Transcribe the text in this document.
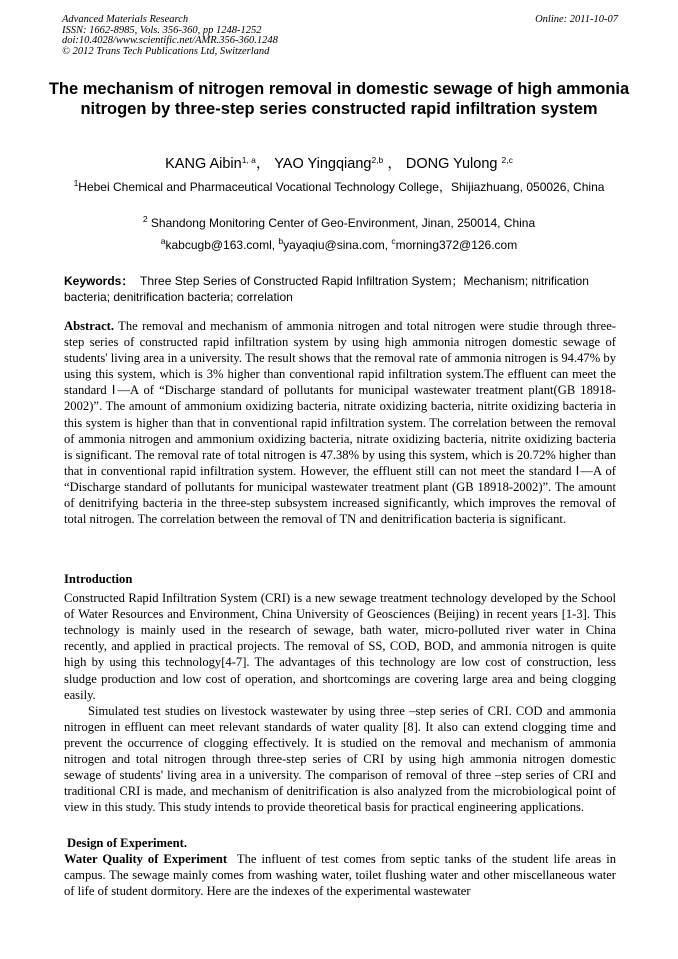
Advanced Materials Research
ISSN: 1662-8985, Vols. 356-360, pp 1248-1252
doi:10.4028/www.scientific.net/AMR.356-360.1248
© 2012 Trans Tech Publications Ltd, Switzerland
Online: 2011-10-07
The mechanism of nitrogen removal in domestic sewage of high ammonia nitrogen by three-step series constructed rapid infiltration system
KANG Aibin$^{1, a}$， YAO Yingqiang$^{2,b}$ ， DONG Yulong $^{2,c}$
$^1$Hebei Chemical and Pharmaceutical Vocational Technology College，Shijiazhuang, 050026, China
$^2$ Shandong Monitoring Center of Geo-Environment, Jinan, 250014, China
$^a$kabcugb@163.coml, $^b$yayaqiu@sina.com, $^c$morning372@126.com
Keywords： Three Step Series of Constructed Rapid Infiltration System；Mechanism; nitrification bacteria; denitrification bacteria; correlation
Abstract. The removal and mechanism of ammonia nitrogen and total nitrogen were studie through three-step series of constructed rapid infiltration system by using high ammonia nitrogen domestic sewage of students' living area in a university. The result shows that the removal rate of ammonia nitrogen is 94.47% by using this system, which is 3% higher than conventional rapid infiltration system.The effluent can meet the standard Ⅰ—A of “Discharge standard of pollutants for municipal wastewater treatment plant(GB 18918-2002)”. The amount of ammonium oxidizing bacteria, nitrate oxidizing bacteria, nitrite oxidizing bacteria in this system is higher than that in conventional rapid infiltration system. The correlation between the removal of ammonia nitrogen and ammonium oxidizing bacteria, nitrate oxidizing bacteria, nitrite oxidizing bacteria is significant. The removal rate of total nitrogen is 47.38% by using this system, which is 20.72% higher than that in conventional rapid infiltration system. However, the effluent still can not meet the standard Ⅰ—A of “Discharge standard of pollutants for municipal wastewater treatment plant (GB 18918-2002)”. The amount of denitrifying bacteria in the three-step subsystem increased significantly, which improves the removal of total nitrogen. The correlation between the removal of TN and denitrification bacteria is significant.

Introduction

Constructed Rapid Infiltration System (CRI) is a new sewage treatment technology developed by the School of Water Resources and Environment, China University of Geosciences (Beijing) in recent years [1-3]. This technology is mainly used in the research of sewage, bath water, micro-polluted river water in China recently, and applied in practical projects. The removal of SS, COD, BOD, and ammonia nitrogen is quite high by using this technology[4-7]. The advantages of this technology are low cost of construction, less sludge production and low cost of operation, and shortcomings are covering large area and being clogging easily.

Simulated test studies on livestock wastewater by using three –step series of CRI. COD and ammonia nitrogen in effluent can meet relevant standards of water quality [8]. It also can extend clogging time and prevent the occurrence of clogging effectively. It is studied on the removal and mechanism of ammonia nitrogen and total nitrogen through three-step series of CRI by using high ammonia nitrogen domestic sewage of students' living area in a university. The comparison of removal of three –step series of CRI and traditional CRI is made, and mechanism of denitrification is also analyzed from the microbiological point of view in this study. This study intends to provide theoretical basis for practical engineering applications.

Design of Experiment.

Water Quality of Experiment The influent of test comes from septic tanks of the student life areas in campus. The sewage mainly comes from washing water, toilet flushing water and other miscellaneous water of life of student dormitory. Here are the indexes of the experimental wastewater
